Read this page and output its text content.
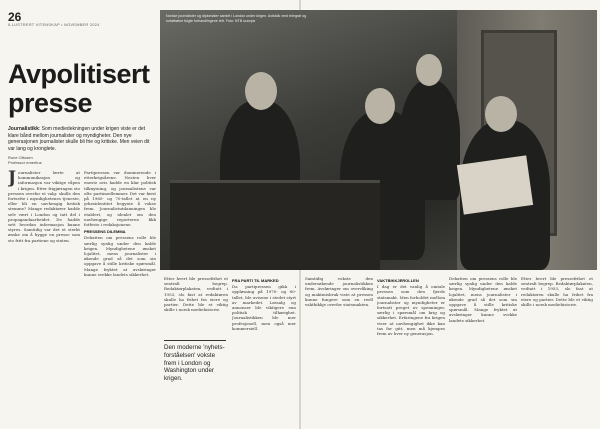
26
ILLUSTRERT VITENSKAP • NOVEMBER 2024
Avpolitisert presse
Journalistikk: Som mediedekningen under krigen viste er det klare bånd mellom journalister og myndigheter. Den nye generasjonen journalister skulle bli frie og kritiske. Men veien dit var lang og kronglete.
Rune Ottosen
Professor emeritus
Journalister lærte at kommunikasjon og informasjon var viktige våpen i krigen. Etter frigjøringen sto pressen overfor et valg: skulle den fortsette i myndighetenes tjeneste, eller bli en uavhengig kritisk stemme? Mange redaktører hadde selv vært i London og tatt del i propagandaarbeidet. De hadde sett hvordan informasjon kunne styres. Samtidig var det et sterkt ønske om å bygge en presse som sto fritt fra partiene og staten.

Partipressen var dominerende i etterkrigsårene. Nesten hver eneste avis hadde en klar politisk tilknytning, og journalistene var ofte partimedlemmer. Det var først på 1960- og 70-tallet at en ny yrkesidentitet begynte å vokse frem. Journalistutdanningen ble etablert, og idealet om den uavhengige reporteren fikk fotfeste i redaksjonene.

PRESSENS DILEMMA

Debatten om pressens rolle ble særlig synlig under den kalde krigen. Myndighetene ønsket lojalitet, mens journalister i økende grad så det som sin oppgave å stille kritiske spørsmål. Mange fryktet at avsløringer kunne svekke landets sikkerhet.

Etter hvert ble pressefrihet et sentralt begrep. Redaktørplakaten, vedtatt i 1953, slo fast at redaktøren skulle ha frihet fra eiere og partier. Dette ble et viktig skille i norsk mediehistorie.

Den moderne 'nyhetsforståelsen' vokste frem i London og Washington under krigen.
FRA PARTI TIL MARKED

Da partipressen gikk i oppløsning på 1970- og 80-tallet, ble avisene i stedet styrt av markedet. Løssalg og annonser ble viktigere enn politisk tilhørighet. Journalistikken ble mer profesjonell, men også mer kommersiell.

Samtidig vokste den undersøkende journalistikken frem. Avsløringer om overvåking og maktmisbruk viste at pressen kunne fungere som en reell vaktbikkje overfor statsmakten.

VAKTBIKKJEROLLEN

I dag er det vanlig å omtale pressen som den fjerde statsmakt. Men forholdet mellom journalister og myndigheter er fortsatt preget av spenninger, særlig i spørsmål om krig og sikkerhet. Erfaringene fra krigen viser at uavhengighet ikke kan tas for gitt, men må kjempes frem av hver ny generasjon.

Debatten om pressens rolle ble særlig synlig under den kalde krigen. Myndighetene ønsket lojalitet, mens journalister i økende grad så det som sin oppgave å stille kritiske spørsmål. Mange fryktet at avsløringer kunne svekke landets sikkerhet.

Etter hvert ble pressefrihet et sentralt begrep. Redaktørplakaten, vedtatt i 1953, slo fast at redaktøren skulle ha frihet fra eiere og partier. Dette ble et viktig skille i norsk mediehistorie.

Norske journalister og diplomater samlet i London under krigen. Avisfolk med telegraf og notatbøker fulgte forhandlingene tett. Foto: NTB scanpix
